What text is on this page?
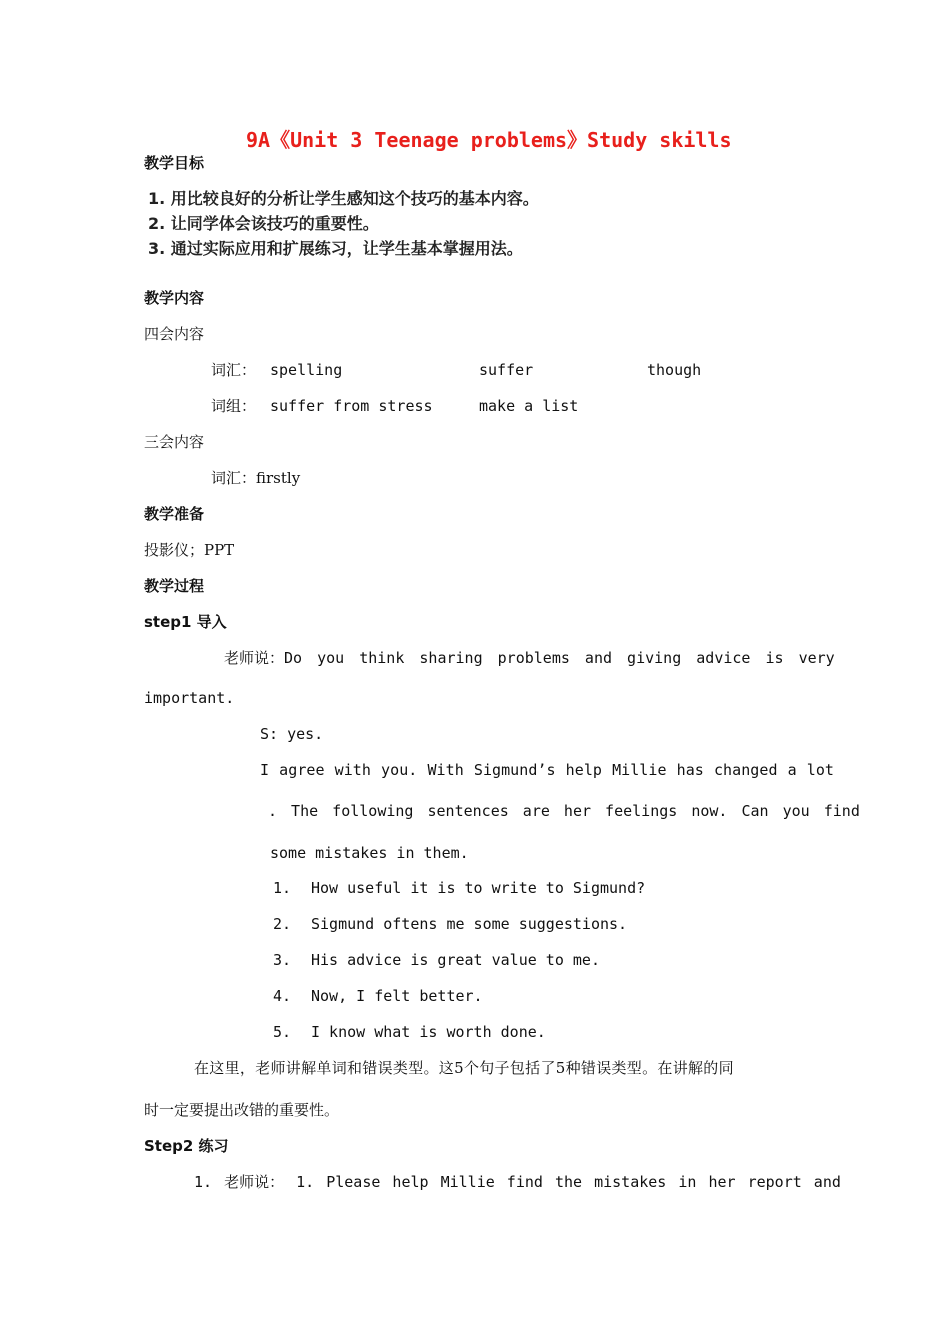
9A《Unit 3 Teenage problems》Study skills
教学目标
1. 用比较良好的分析让学生感知这个技巧的基本内容。
2. 让同学体会该技巧的重要性。
3. 通过实际应用和扩展练习，让学生基本掌握用法。
教学内容
四会内容
词汇： spelling	suffer	though
词组： suffer from stress	make a list
三会内容
词汇：firstly
教学准备
投影仪；PPT
教学过程
step1 导入
老师说：Do you think sharing problems and giving advice is very
important.
S: yes.
I agree with you. With Sigmund’s help Millie has changed a lot
. The following sentences are her feelings now. Can you find
some mistakes in them.
1. How useful it is to write to Sigmund?
2. Sigmund oftens me some suggestions.
3. His advice is great value to me.
4. Now, I felt better.
5. I know what is worth done.
在这里，老师讲解单词和错误类型。这5个句子包括了5种错误类型。在讲解的同
时一定要提出改错的重要性。
Step2 练习
1. 老师说： 1. Please help Millie find the mistakes in her report and
